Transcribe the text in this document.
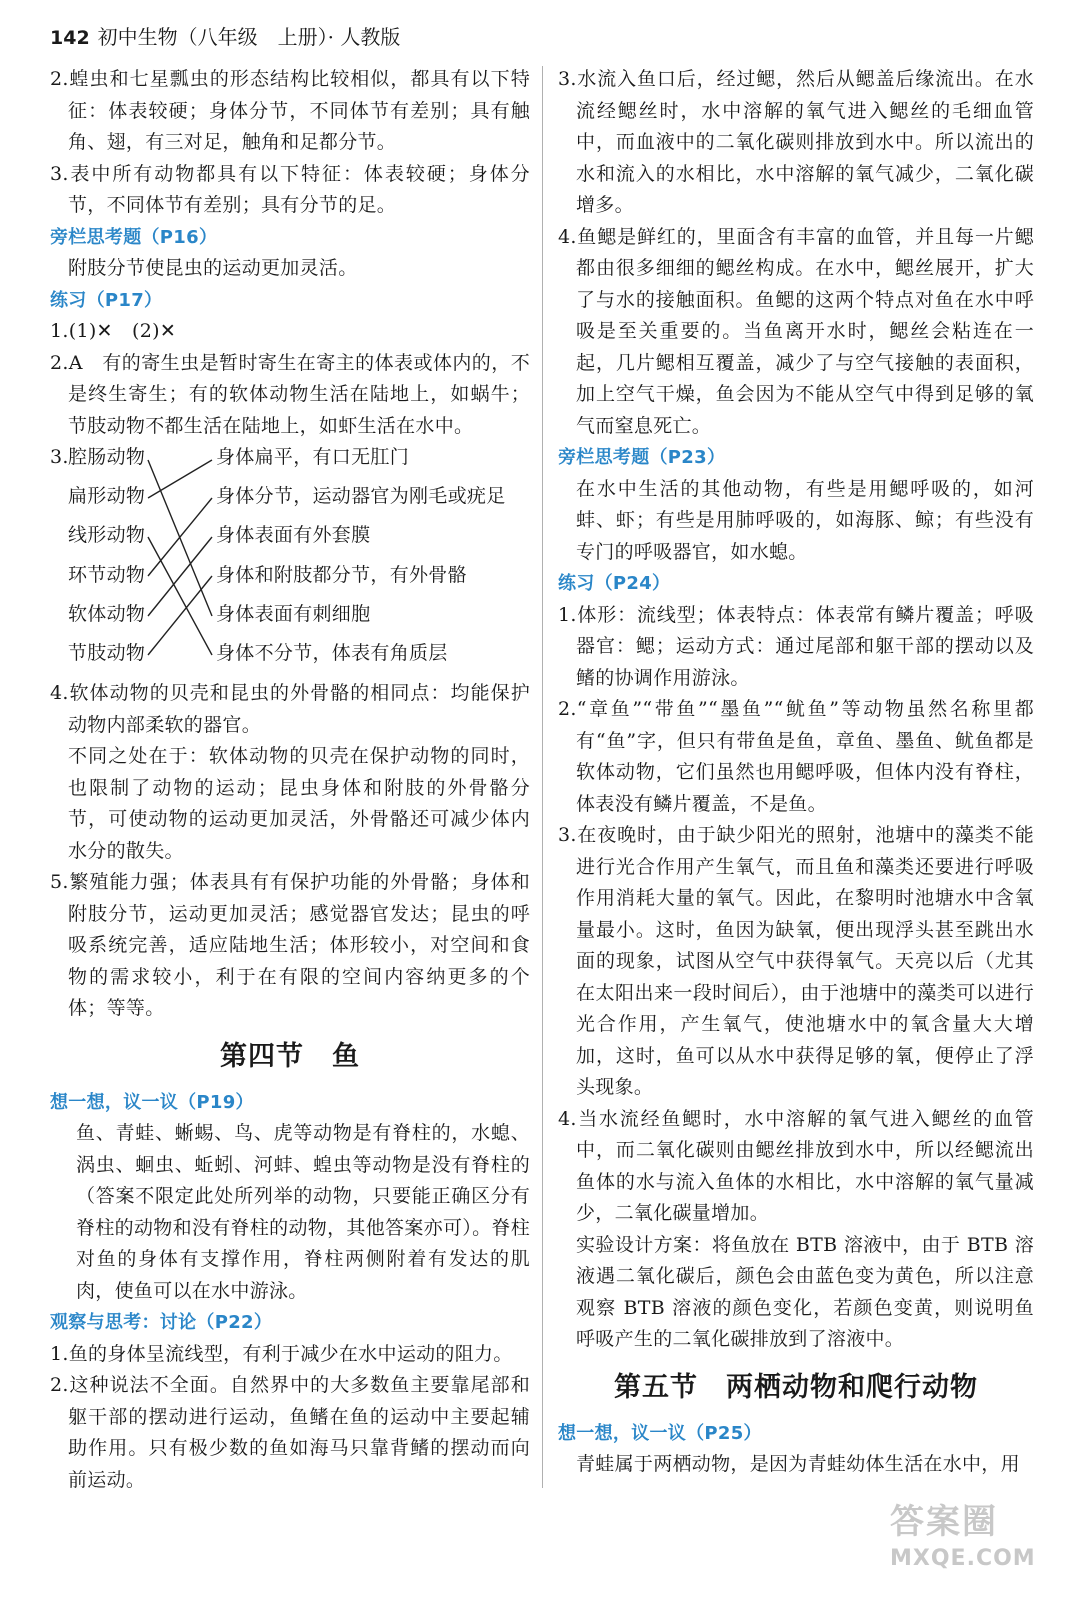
142 初中生物（八年级　上册）· 人教版

2.蝗虫和七星瓢虫的形态结构比较相似，都具有以下特征：体表较硬；身体分节，不同体节有差别；具有触角、翅，有三对足，触角和足都分节。

3.表中所有动物都具有以下特征：体表较硬；身体分节，不同体节有差别；具有分节的足。

旁栏思考题（P16）

附肢分节使昆虫的运动更加灵活。

练习（P17）

1.(1)✕　(2)✕

2.A　有的寄生虫是暂时寄生在寄主的体表或体内的，不是终生寄生；有的软体动物生活在陆地上，如蜗牛；节肢动物不都生活在陆地上，如虾生活在水中。

3. 腔肠动物
扁形动物
线形动物
环节动物
软体动物
节肢动物
身体扁平，有口无肛门
身体分节，运动器官为刚毛或疣足
身体表面有外套膜
身体和附肢都分节，有外骨骼
身体表面有刺细胞
身体不分节，体表有角质层

4.软体动物的贝壳和昆虫的外骨骼的相同点：均能保护动物内部柔软的器官。

不同之处在于：软体动物的贝壳在保护动物的同时，也限制了动物的运动；昆虫身体和附肢的外骨骼分节，可使动物的运动更加灵活，外骨骼还可减少体内水分的散失。

5.繁殖能力强；体表具有有保护功能的外骨骼；身体和附肢分节，运动更加灵活；感觉器官发达；昆虫的呼吸系统完善，适应陆地生活；体形较小，对空间和食物的需求较小，利于在有限的空间内容纳更多的个体；等等。

第四节　鱼

想一想，议一议（P19）

鱼、青蛙、蜥蜴、鸟、虎等动物是有脊柱的，水螅、涡虫、蛔虫、蚯蚓、河蚌、蝗虫等动物是没有脊柱的（答案不限定此处所列举的动物，只要能正确区分有脊柱的动物和没有脊柱的动物，其他答案亦可）。脊柱对鱼的身体有支撑作用，脊柱两侧附着有发达的肌肉，使鱼可以在水中游泳。

观察与思考：讨论（P22）

1.鱼的身体呈流线型，有利于减少在水中运动的阻力。

2.这种说法不全面。自然界中的大多数鱼主要靠尾部和躯干部的摆动进行运动，鱼鳍在鱼的运动中主要起辅助作用。只有极少数的鱼如海马只靠背鳍的摆动而向前运动。

3.水流入鱼口后，经过鳃，然后从鳃盖后缘流出。在水流经鳃丝时，水中溶解的氧气进入鳃丝的毛细血管中，而血液中的二氧化碳则排放到水中。所以流出的水和流入的水相比，水中溶解的氧气减少，二氧化碳增多。

4.鱼鳃是鲜红的，里面含有丰富的血管，并且每一片鳃都由很多细细的鳃丝构成。在水中，鳃丝展开，扩大了与水的接触面积。鱼鳃的这两个特点对鱼在水中呼吸是至关重要的。当鱼离开水时，鳃丝会粘连在一起，几片鳃相互覆盖，减少了与空气接触的表面积，加上空气干燥，鱼会因为不能从空气中得到足够的氧气而窒息死亡。

旁栏思考题（P23）

在水中生活的其他动物，有些是用鳃呼吸的，如河蚌、虾；有些是用肺呼吸的，如海豚、鲸；有些没有专门的呼吸器官，如水螅。

练习（P24）

1.体形：流线型；体表特点：体表常有鳞片覆盖；呼吸器官：鳃；运动方式：通过尾部和躯干部的摆动以及鳍的协调作用游泳。

2.“章鱼”“带鱼”“墨鱼”“鱿鱼”等动物虽然名称里都有“鱼”字，但只有带鱼是鱼，章鱼、墨鱼、鱿鱼都是软体动物，它们虽然也用鳃呼吸，但体内没有脊柱，体表没有鳞片覆盖，不是鱼。

3.在夜晚时，由于缺少阳光的照射，池塘中的藻类不能进行光合作用产生氧气，而且鱼和藻类还要进行呼吸作用消耗大量的氧气。因此，在黎明时池塘水中含氧量最小。这时，鱼因为缺氧，便出现浮头甚至跳出水面的现象，试图从空气中获得氧气。天亮以后（尤其在太阳出来一段时间后），由于池塘中的藻类可以进行光合作用，产生氧气，使池塘水中的氧含量大大增加，这时，鱼可以从水中获得足够的氧，便停止了浮头现象。

4.当水流经鱼鳃时，水中溶解的氧气进入鳃丝的血管中，而二氧化碳则由鳃丝排放到水中，所以经鳃流出鱼体的水与流入鱼体的水相比，水中溶解的氧气量减少，二氧化碳量增加。

实验设计方案：将鱼放在 BTB 溶液中，由于 BTB 溶液遇二氧化碳后，颜色会由蓝色变为黄色，所以注意观察 BTB 溶液的颜色变化，若颜色变黄，则说明鱼呼吸产生的二氧化碳排放到了溶液中。

第五节　两栖动物和爬行动物

想一想，议一议（P25）

青蛙属于两栖动物，是因为青蛙幼体生活在水中，用

答案圈
MXQE.COM
